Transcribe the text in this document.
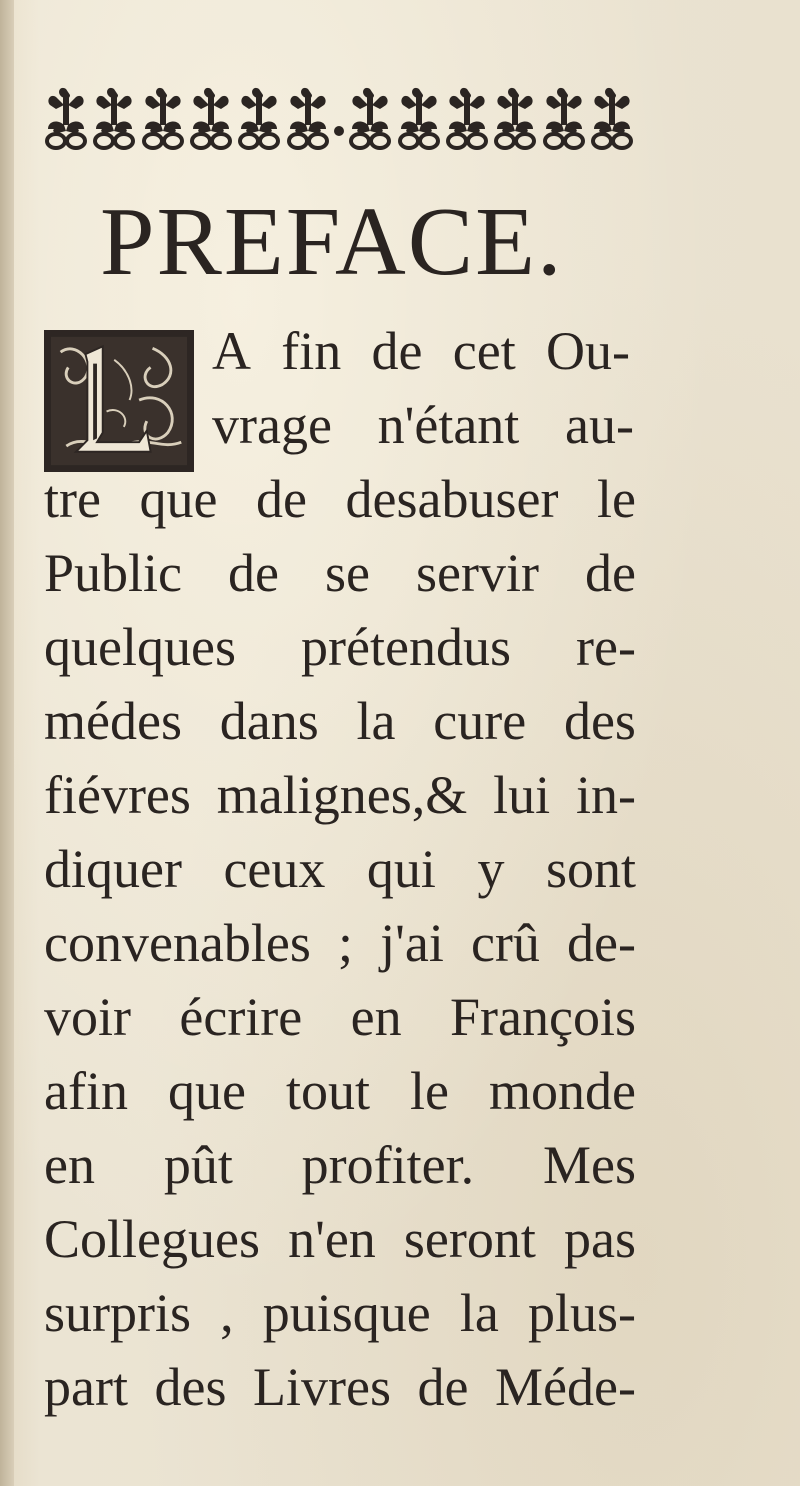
PREFACE.
A fin de cet Ou-
vrage n'étant au-
tre que de desabuser le
Public de se servir de
quelques prétendus re-
médes dans la cure des
fiévres malignes,& lui in-
diquer ceux qui y sont
convenables ; j'ai crû de-
voir écrire en François
afin que tout le monde
en pût profiter. Mes
Collegues n'en seront pas
surpris , puisque la plus-
part des Livres de Méde-
